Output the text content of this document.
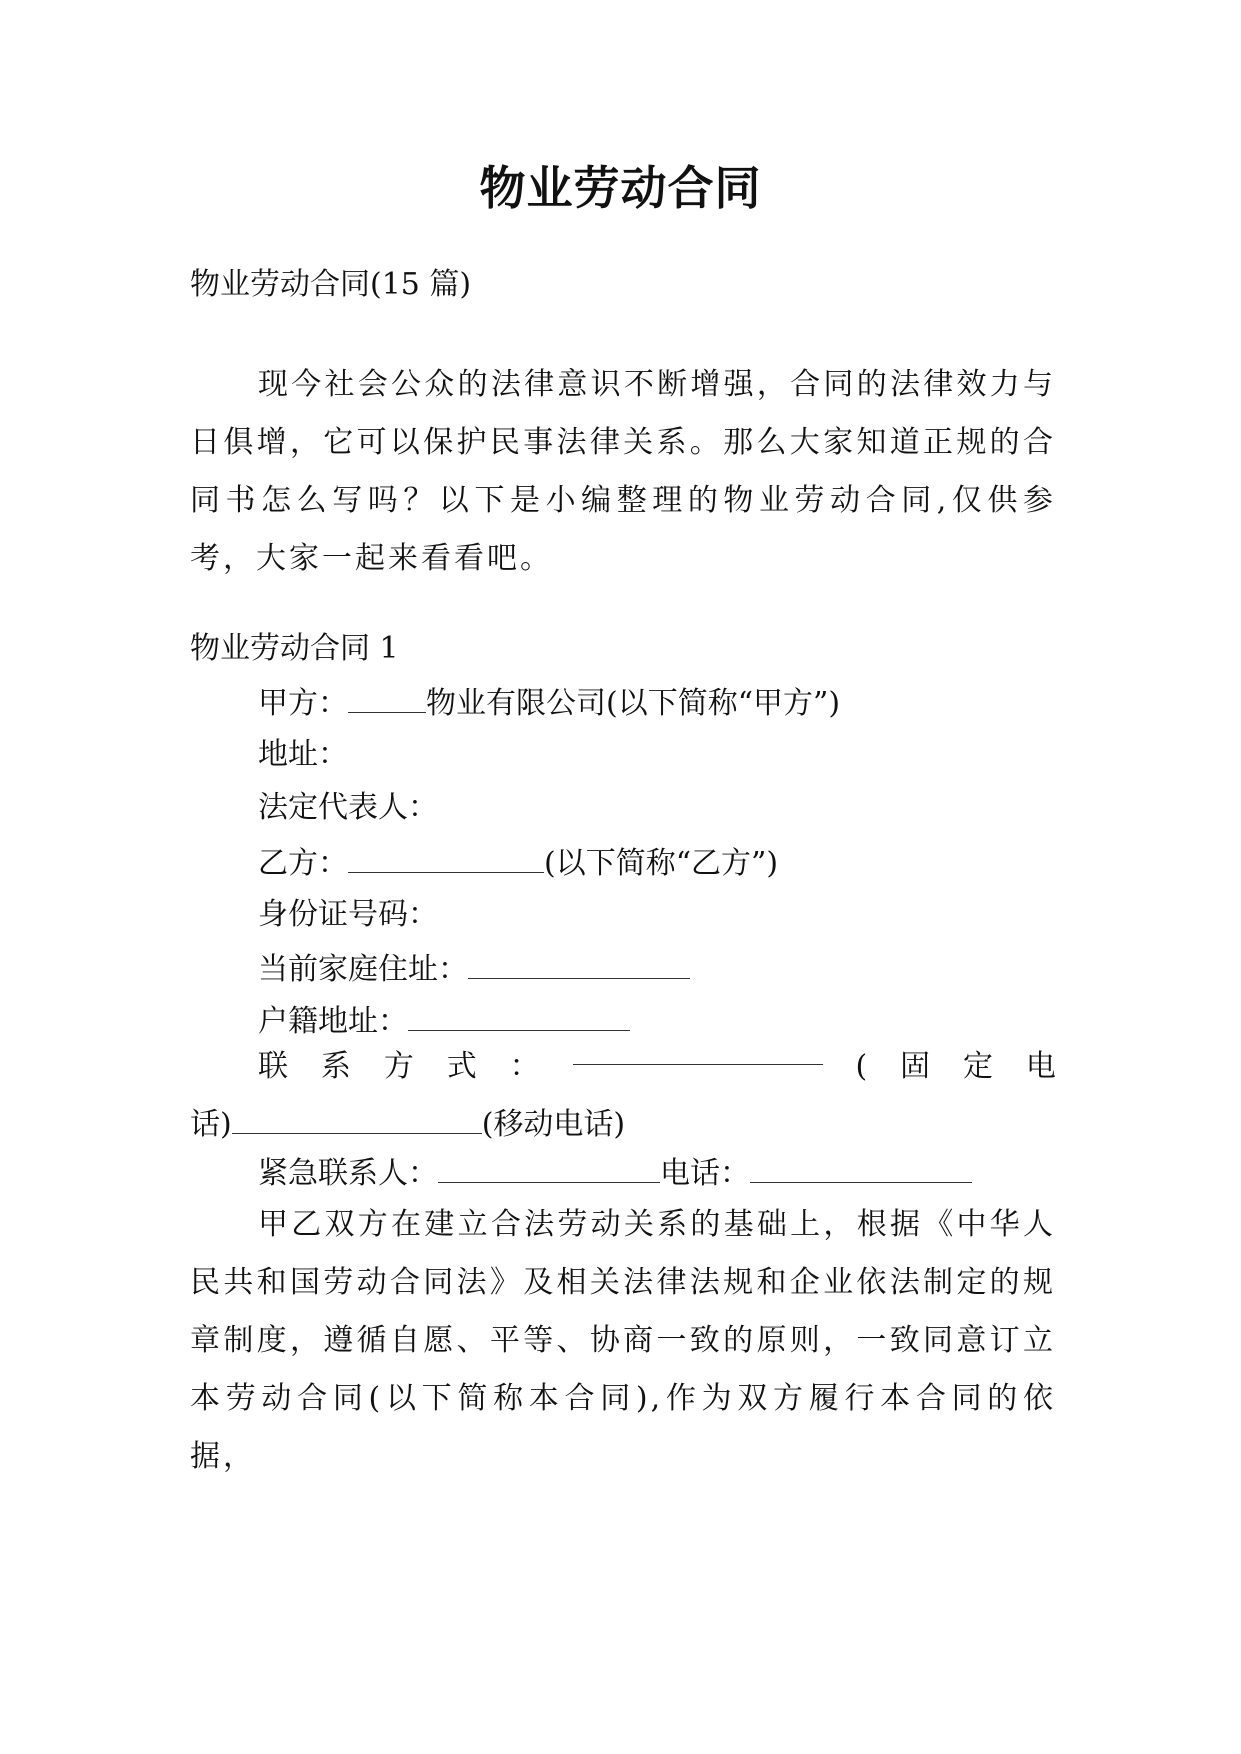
物业劳动合同
物业劳动合同(15 篇)

现今社会公众的法律意识不断增强，合同的法律效力与日俱增，它可以保护民事法律关系。那么大家知道正规的合同书怎么写吗？以下是小编整理的物业劳动合同,仅供参考，大家一起来看看吧。

物业劳动合同 1
甲方：	物业有限公司(以下简称“甲方”)
地址：
法定代表人：
乙方：	(以下简称“乙方”)
身份证号码：
当前家庭住址：
户籍地址：
联 系 方 式 ：	( 固 定 电
话)	(移动电话)
紧急联系人：	电话：

甲乙双方在建立合法劳动关系的基础上，根据《中华人民共和国劳动合同法》及相关法律法规和企业依法制定的规章制度，遵循自愿、平等、协商一致的原则，一致同意订立本劳动合同(以下简称本合同),作为双方履行本合同的依据，
